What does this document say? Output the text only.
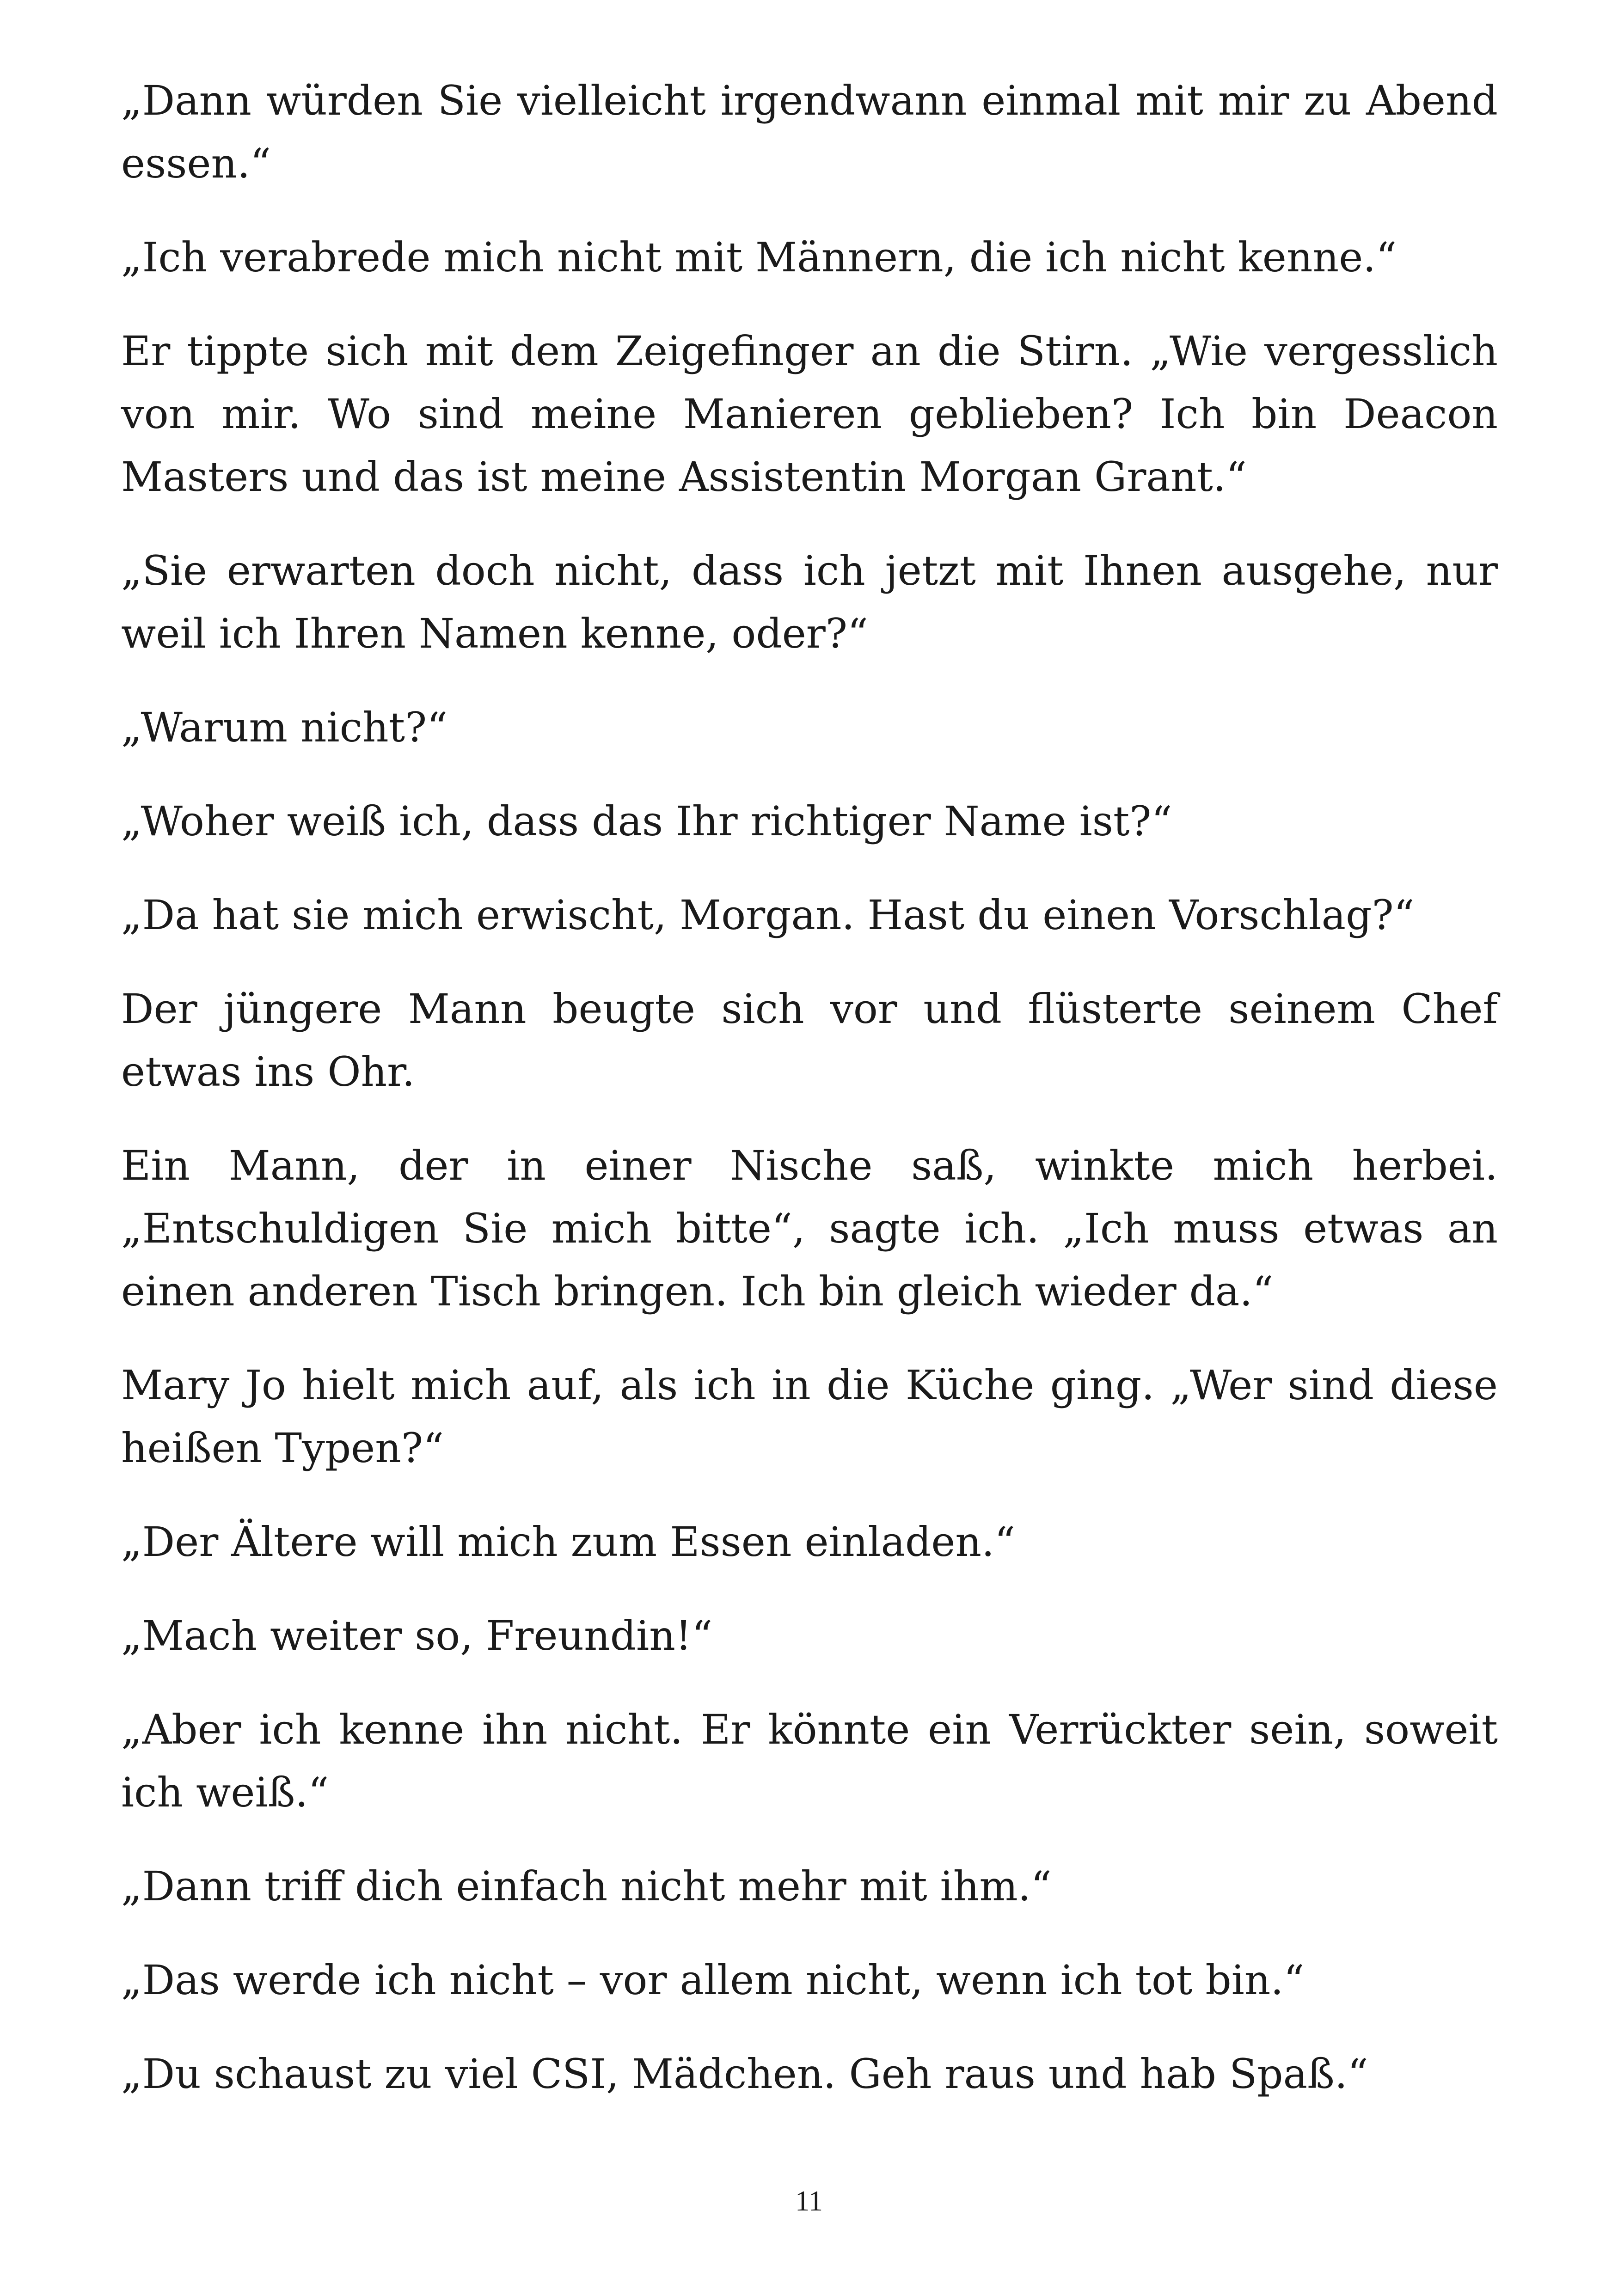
„Dann würden Sie vielleicht irgendwann einmal mit mir zu Abend essen.“

„Ich verabrede mich nicht mit Männern, die ich nicht kenne.“

Er tippte sich mit dem Zeigefinger an die Stirn. „Wie vergesslich von mir. Wo sind meine Manieren geblieben? Ich bin Deacon Masters und das ist meine Assistentin Morgan Grant.“

„Sie erwarten doch nicht, dass ich jetzt mit Ihnen ausgehe, nur weil ich Ihren Namen kenne, oder?“

„Warum nicht?“

„Woher weiß ich, dass das Ihr richtiger Name ist?“

„Da hat sie mich erwischt, Morgan. Hast du einen Vorschlag?“

Der jüngere Mann beugte sich vor und flüsterte seinem Chef etwas ins Ohr.

Ein Mann, der in einer Nische saß, winkte mich herbei. „Entschuldigen Sie mich bitte“, sagte ich. „Ich muss etwas an einen anderen Tisch bringen. Ich bin gleich wieder da.“

Mary Jo hielt mich auf, als ich in die Küche ging. „Wer sind diese heißen Typen?“

„Der Ältere will mich zum Essen einladen.“

„Mach weiter so, Freundin!“

„Aber ich kenne ihn nicht. Er könnte ein Verrückter sein, soweit ich weiß.“

„Dann triff dich einfach nicht mehr mit ihm.“

„Das werde ich nicht – vor allem nicht, wenn ich tot bin.“

„Du schaust zu viel CSI, Mädchen. Geh raus und hab Spaß.“

11
